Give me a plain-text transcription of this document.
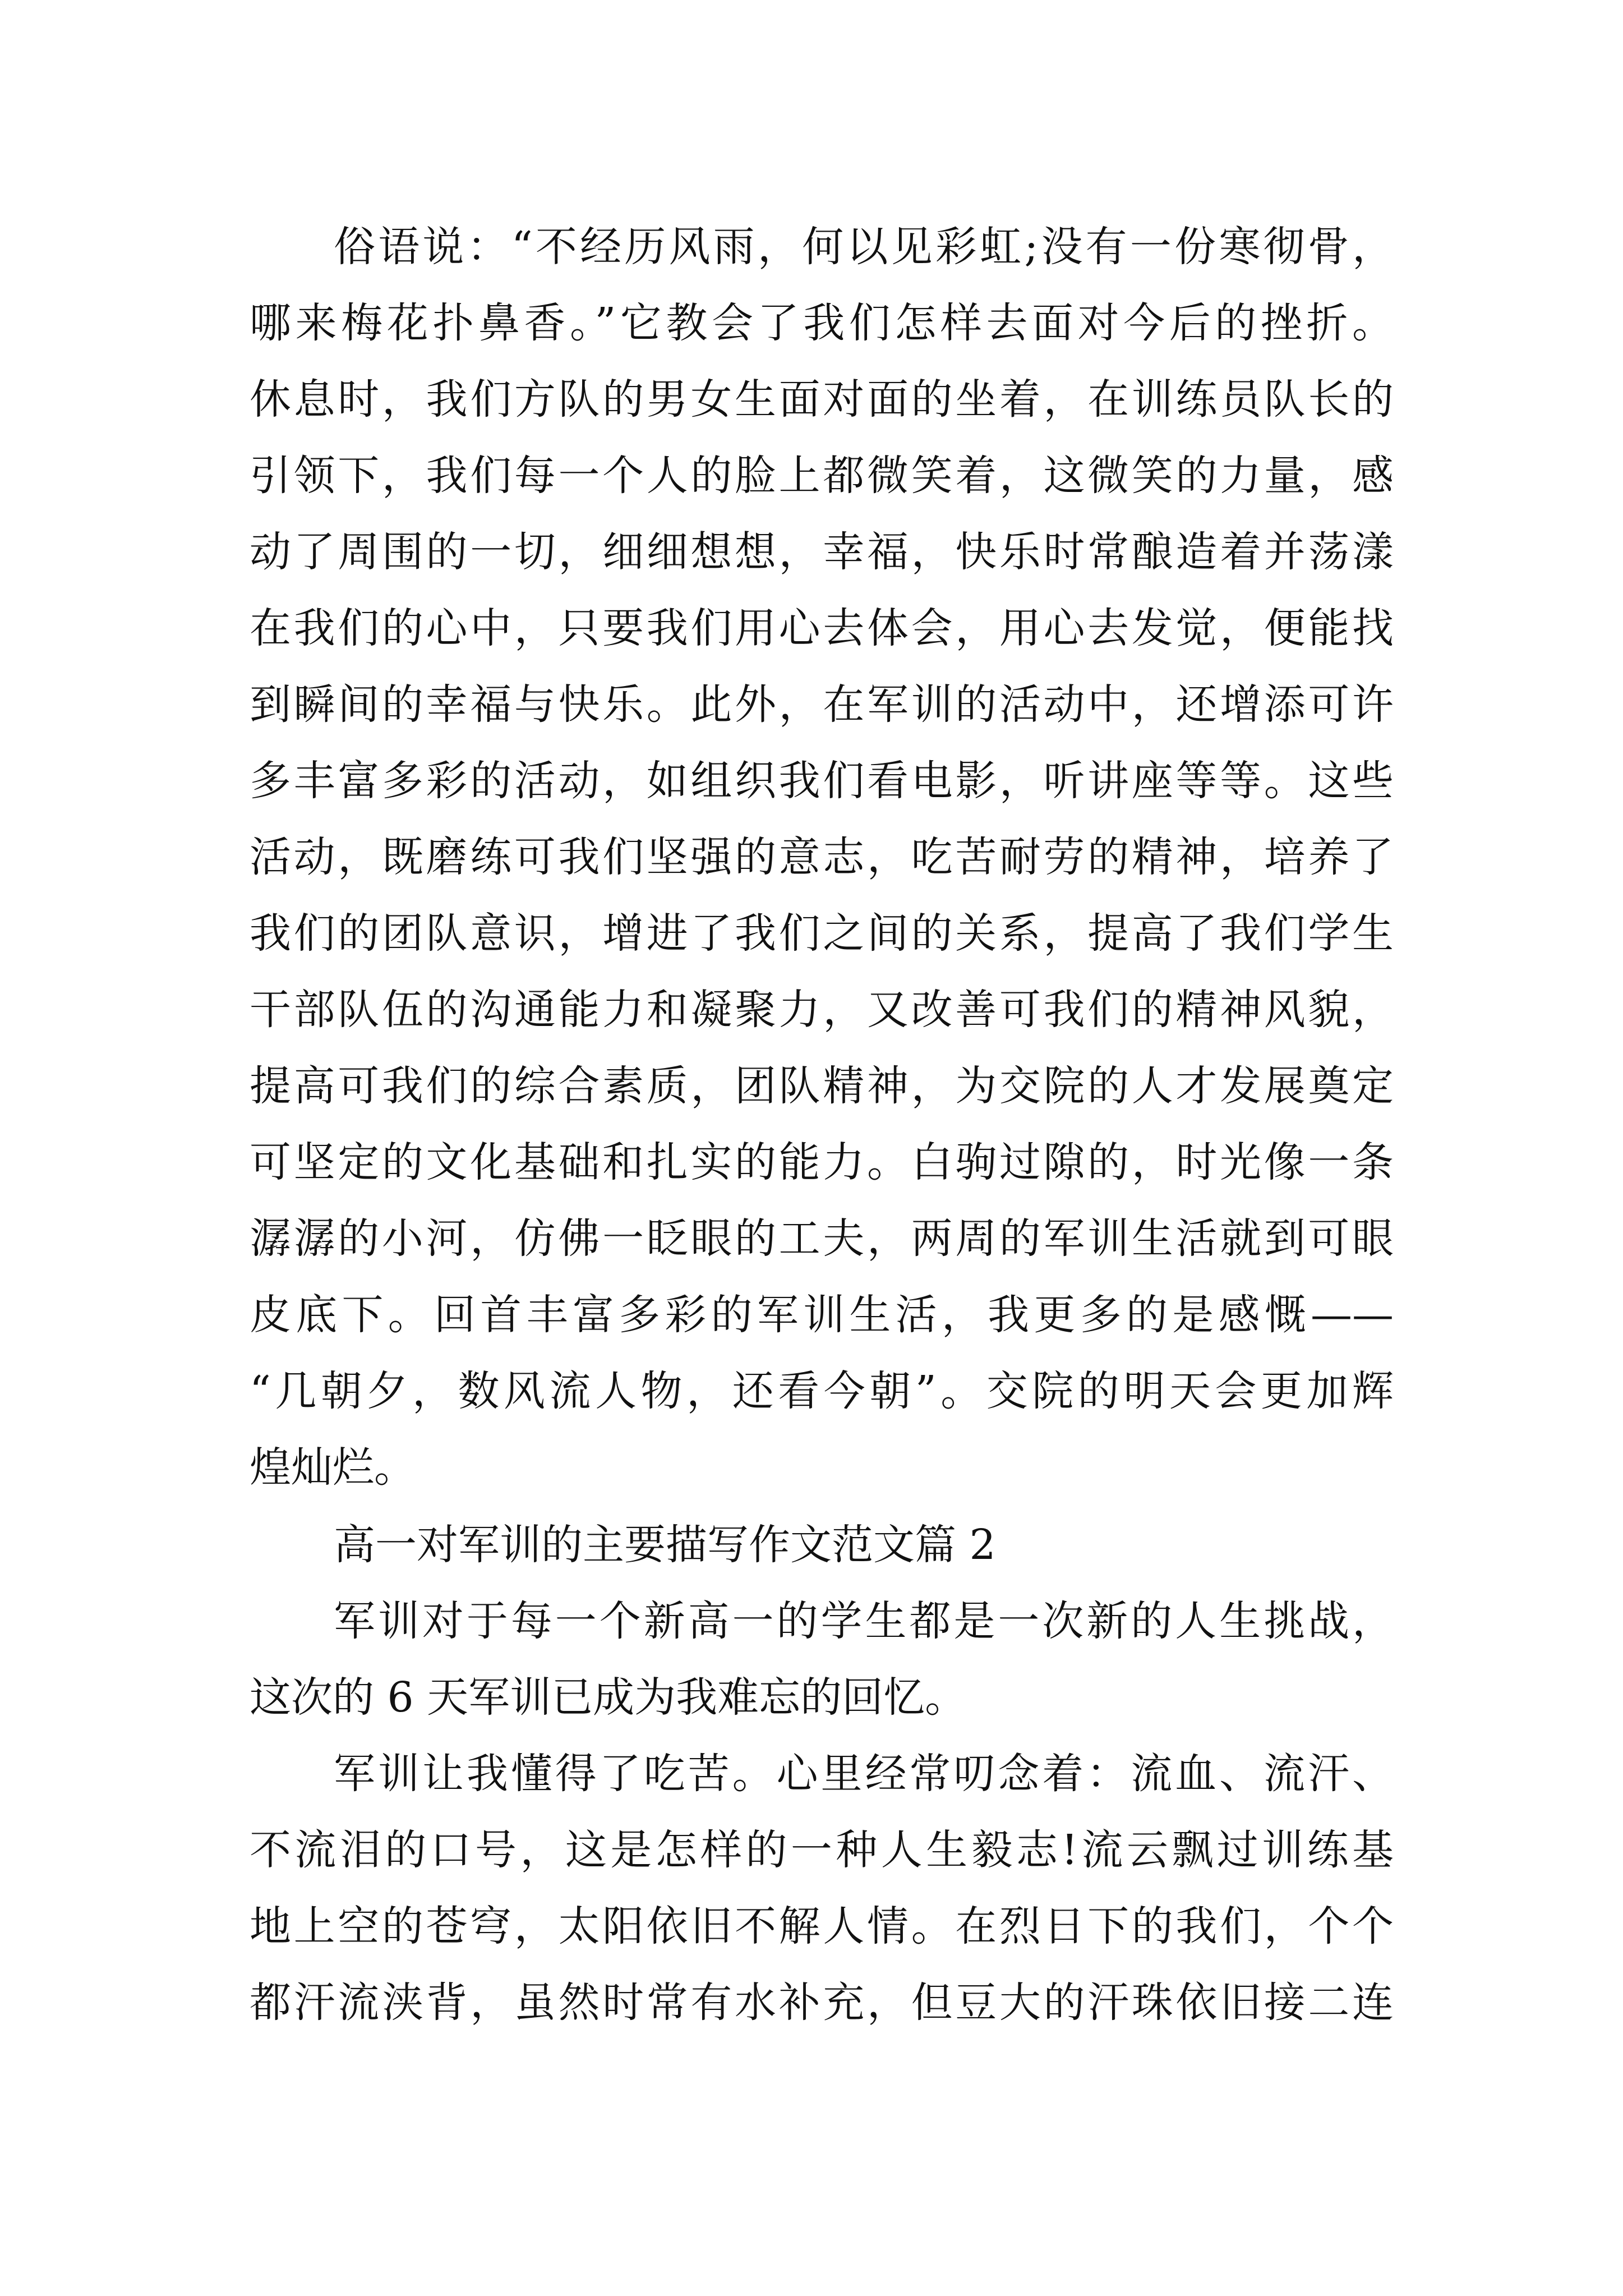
俗语说：“不经历风雨，何以见彩虹;没有一份寒彻骨，
哪来梅花扑鼻香。”它教会了我们怎样去面对今后的挫折。
休息时，我们方队的男女生面对面的坐着，在训练员队长的
引领下，我们每一个人的脸上都微笑着，这微笑的力量，感
动了周围的一切，细细想想，幸福，快乐时常酿造着并荡漾
在我们的心中，只要我们用心去体会，用心去发觉，便能找
到瞬间的幸福与快乐。此外，在军训的活动中，还增添可许
多丰富多彩的活动，如组织我们看电影，听讲座等等。这些
活动，既磨练可我们坚强的意志，吃苦耐劳的精神，培养了
我们的团队意识，增进了我们之间的关系，提高了我们学生
干部队伍的沟通能力和凝聚力，又改善可我们的精神风貌，
提高可我们的综合素质，团队精神，为交院的人才发展奠定
可坚定的文化基础和扎实的能力。白驹过隙的，时光像一条
潺潺的小河，仿佛一眨眼的工夫，两周的军训生活就到可眼
皮底下。回首丰富多彩的军训生活，我更多的是感慨——
“几朝夕，数风流人物，还看今朝”。交院的明天会更加辉
煌灿烂。
高一对军训的主要描写作文范文篇 2
军训对于每一个新高一的学生都是一次新的人生挑战，
这次的 6 天军训已成为我难忘的回忆。
军训让我懂得了吃苦。心里经常叨念着：流血、流汗、
不流泪的口号，这是怎样的一种人生毅志!流云飘过训练基
地上空的苍穹，太阳依旧不解人情。在烈日下的我们，个个
都汗流浃背，虽然时常有水补充，但豆大的汗珠依旧接二连
